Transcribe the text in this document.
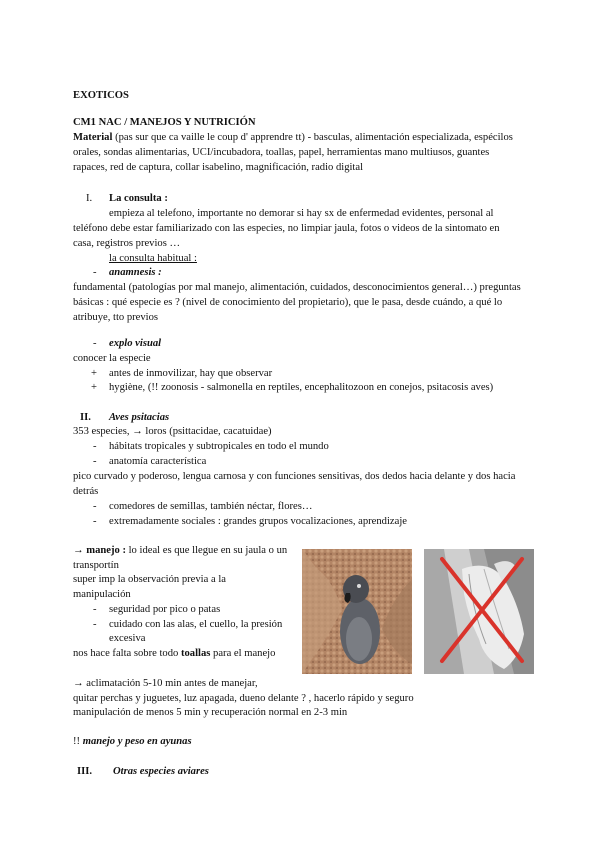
EXOTICOS
CM1 NAC / MANEJOS Y NUTRICIÓN
Material (pas sur que ca vaille le coup d' apprendre tt) - basculas, alimentación especializada, espécilos orales, sondas alimentarias, UCI/incubadora, toallas, papel, herramientas mano multiusos, guantes rapaces, red de captura, collar isabelino, magnificación, radio digital
I. La consulta :
empieza al telefono, importante no demorar si hay sx de enfermedad evidentes, personal al teléfono debe estar familiarizado con las especies, no limpiar jaula, fotos o videos de la sintomato en casa, registros previos …
la consulta habitual :
- anamnesis :
fundamental (patologías por mal manejo, alimentación, cuidados, desconocimientos general…) preguntas básicas : qué especie es ? (nivel de conocimiento del propietario), que le pasa, desde cuándo, a qué lo atribuye, tto previos
- explo visual
conocer la especie
+ antes de inmovilizar, hay que observar
+ hygiène, (!! zoonosis - salmonella en reptiles, encephalitozoon en conejos, psitacosis aves)
II. Aves psitacias
353 especies, → loros (psittacidae, cacatuidae)
- hábitats tropicales y subtropicales en todo el mundo
- anatomía característica
pico curvado y poderoso, lengua carnosa y con funciones sensitivas, dos dedos hacia delante y dos hacia detrás
- comedores de semillas, también néctar, flores…
- extremadamente sociales : grandes grupos vocalizaciones, aprendizaje
→ manejo : lo ideal es que llegue en su jaula o un transportín
super imp la observación previa a la manipulación
- seguridad por pico o patas
- cuidado con las alas, el cuello, la presión
excesiva
nos hace falta sobre todo toallas para el manejo
→ aclimatación 5-10 min antes de manejar,
quitar perchas y juguetes, luz apagada, dueno delante ? , hacerlo rápido y seguro
manipulación de menos 5 min y recuperación normal en 2-3 min
!! manejo y peso en ayunas
III. Otras especies aviares
